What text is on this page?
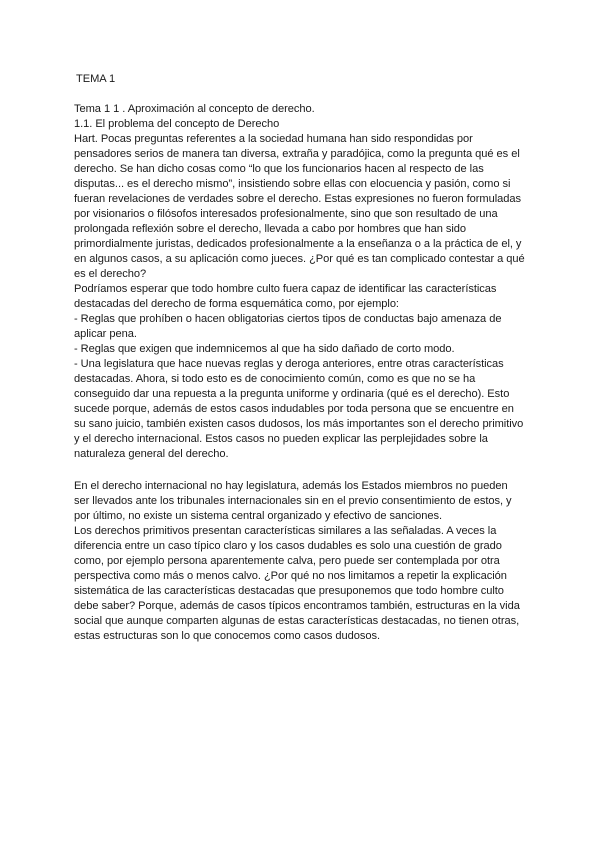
TEMA 1
Tema 1 1 . Aproximación al concepto de derecho.
1.1. El problema del concepto de Derecho
Hart. Pocas preguntas referentes a la sociedad humana han sido respondidas por
pensadores serios de manera tan diversa, extraña y paradójica, como la pregunta qué es el
derecho. Se han dicho cosas como “lo que los funcionarios hacen al respecto de las
disputas... es el derecho mismo”, insistiendo sobre ellas con elocuencia y pasión, como si
fueran revelaciones de verdades sobre el derecho. Estas expresiones no fueron formuladas
por visionarios o filósofos interesados profesionalmente, sino que son resultado de una
prolongada reflexión sobre el derecho, llevada a cabo por hombres que han sido
primordialmente juristas, dedicados profesionalmente a la enseñanza o a la práctica de el, y
en algunos casos, a su aplicación como jueces. ¿Por qué es tan complicado contestar a qué
es el derecho?
Podríamos esperar que todo hombre culto fuera capaz de identificar las características
destacadas del derecho de forma esquemática como, por ejemplo:
- Reglas que prohíben o hacen obligatorias ciertos tipos de conductas bajo amenaza de
aplicar pena.
- Reglas que exigen que indemnicemos al que ha sido dañado de corto modo.
- Una legislatura que hace nuevas reglas y deroga anteriores, entre otras características
destacadas. Ahora, si todo esto es de conocimiento común, como es que no se ha
conseguido dar una repuesta a la pregunta uniforme y ordinaria (qué es el derecho). Esto
sucede porque, además de estos casos indudables por toda persona que se encuentre en
su sano juicio, también existen casos dudosos, los más importantes son el derecho primitivo
y el derecho internacional. Estos casos no pueden explicar las perplejidades sobre la
naturaleza general del derecho.
En el derecho internacional no hay legislatura, además los Estados miembros no pueden
ser llevados ante los tribunales internacionales sin en el previo consentimiento de estos, y
por último, no existe un sistema central organizado y efectivo de sanciones.
Los derechos primitivos presentan características similares a las señaladas. A veces la
diferencia entre un caso típico claro y los casos dudables es solo una cuestión de grado
como, por ejemplo persona aparentemente calva, pero puede ser contemplada por otra
perspectiva como más o menos calvo. ¿Por qué no nos limitamos a repetir la explicación
sistemática de las características destacadas que presuponemos que todo hombre culto
debe saber? Porque, además de casos típicos encontramos también, estructuras en la vida
social que aunque comparten algunas de estas características destacadas, no tienen otras,
estas estructuras son lo que conocemos como casos dudosos.
